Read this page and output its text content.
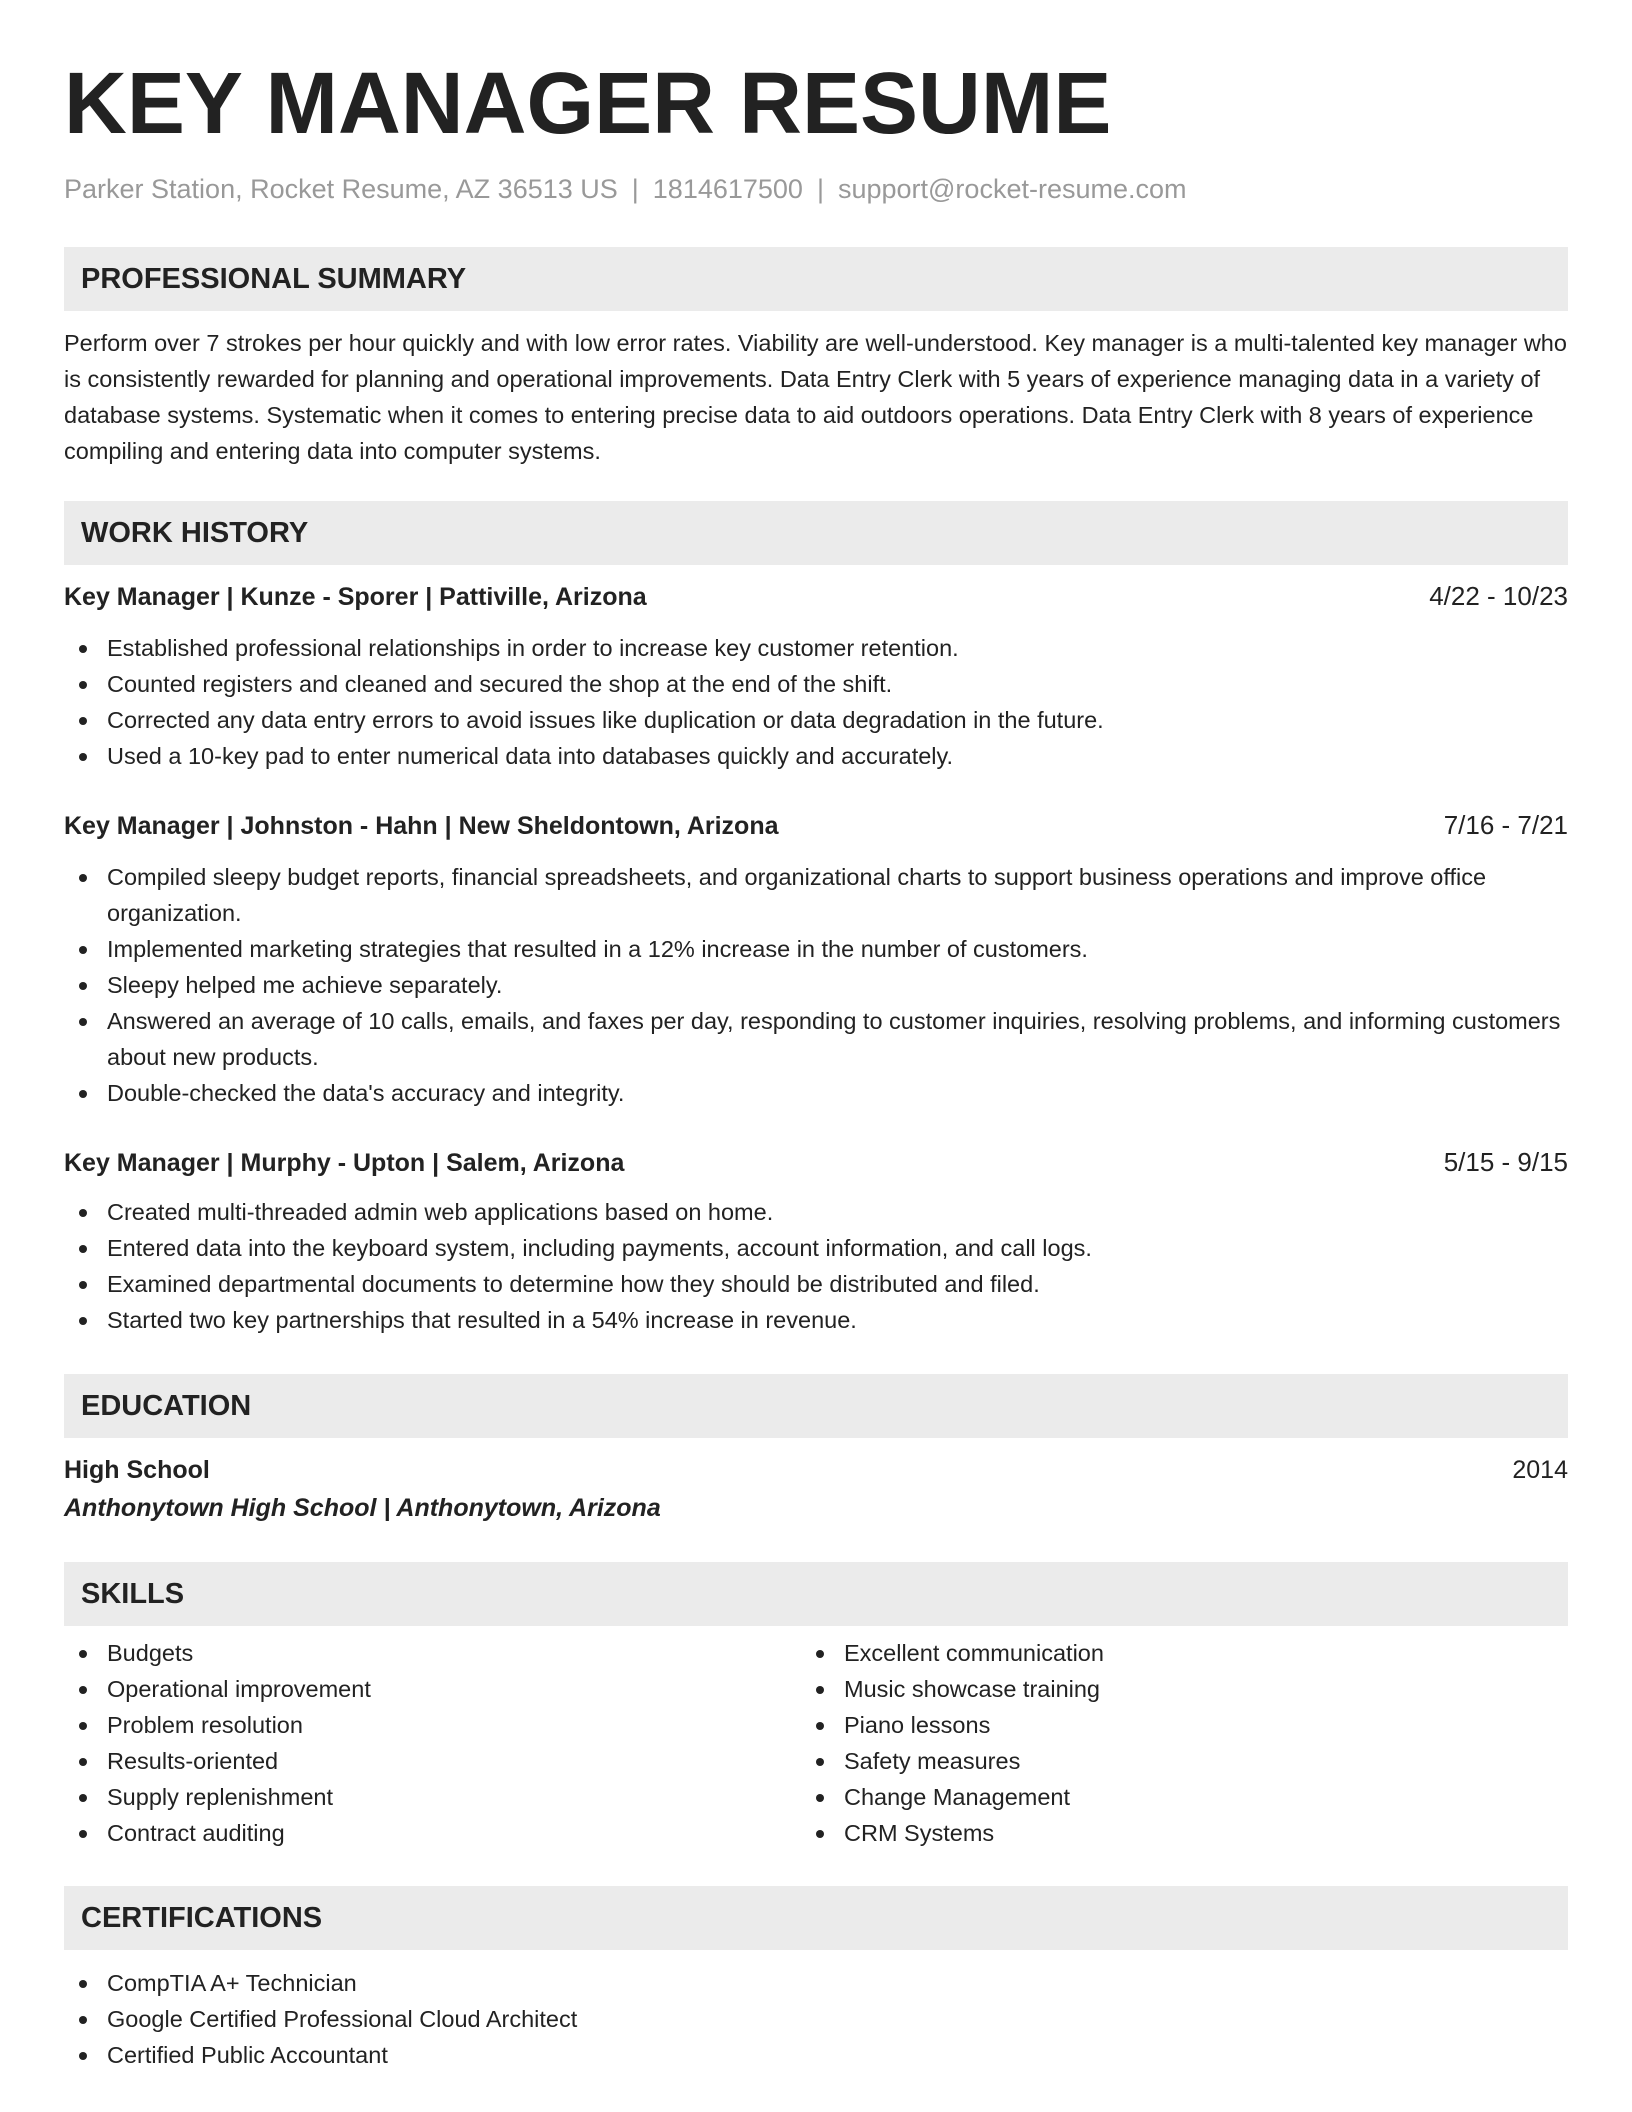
KEY MANAGER RESUME
Parker Station, Rocket Resume, AZ 36513 US | 1814617500 | support@rocket-resume.com
PROFESSIONAL SUMMARY

Perform over 7 strokes per hour quickly and with low error rates. Viability are well-understood. Key manager is a multi-talented key manager who is consistently rewarded for planning and operational improvements. Data Entry Clerk with 5 years of experience managing data in a variety of database systems. Systematic when it comes to entering precise data to aid outdoors operations. Data Entry Clerk with 8 years of experience compiling and entering data into computer systems.

WORK HISTORY
Key Manager | Kunze - Sporer | Pattiville, Arizona	4/22 - 10/23
Established professional relationships in order to increase key customer retention.
Counted registers and cleaned and secured the shop at the end of the shift.
Corrected any data entry errors to avoid issues like duplication or data degradation in the future.
Used a 10-key pad to enter numerical data into databases quickly and accurately.
Key Manager | Johnston - Hahn | New Sheldontown, Arizona	7/16 - 7/21
Compiled sleepy budget reports, financial spreadsheets, and organizational charts to support business operations and improve office organization.
Implemented marketing strategies that resulted in a 12% increase in the number of customers.
Sleepy helped me achieve separately.
Answered an average of 10 calls, emails, and faxes per day, responding to customer inquiries, resolving problems, and informing customers about new products.
Double-checked the data's accuracy and integrity.
Key Manager | Murphy - Upton | Salem, Arizona	5/15 - 9/15
Created multi-threaded admin web applications based on home.
Entered data into the keyboard system, including payments, account information, and call logs.
Examined departmental documents to determine how they should be distributed and filed.
Started two key partnerships that resulted in a 54% increase in revenue.
EDUCATION
High School	2014
Anthonytown High School | Anthonytown, Arizona
SKILLS
Budgets
Operational improvement
Problem resolution
Results-oriented
Supply replenishment
Contract auditing
Excellent communication
Music showcase training
Piano lessons
Safety measures
Change Management
CRM Systems
CERTIFICATIONS
CompTIA A+ Technician
Google Certified Professional Cloud Architect
Certified Public Accountant
